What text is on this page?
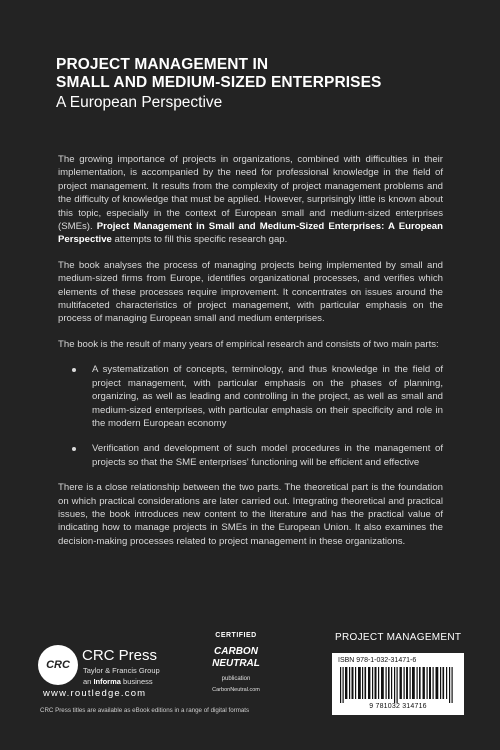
PROJECT MANAGEMENT IN
SMALL AND MEDIUM-SIZED ENTERPRISES
A European Perspective

The growing importance of projects in organizations, combined with difficulties in their implementation, is accompanied by the need for professional knowledge in the field of project management. It results from the complexity of project management problems and the difficulty of knowledge that must be applied. However, surprisingly little is known about this topic, especially in the context of European small and medium-sized enterprises (SMEs). Project Management in Small and Medium-Sized Enterprises: A European Perspective attempts to fill this specific research gap.

The book analyses the process of managing projects being implemented by small and medium-sized firms from Europe, identifies organizational processes, and verifies which elements of these processes require improvement. It concentrates on issues around the multifaceted characteristics of project management, with particular emphasis on the process of managing European small and medium enterprises.

The book is the result of many years of empirical research and consists of two main parts:

A systematization of concepts, terminology, and thus knowledge in the field of project management, with particular emphasis on the phases of planning, organizing, as well as leading and controlling in the project, as well as small and medium-sized enterprises, with particular emphasis on their specificity and role in the modern European economy
Verification and development of such model procedures in the management of projects so that the SME enterprises’ functioning will be efficient and effective

There is a close relationship between the two parts. The theoretical part is the foundation on which practical considerations are later carried out. Integrating theoretical and practical issues, the book introduces new content to the literature and has the practical value of indicating how to manage projects in SMEs in the European Union. It also examines the decision-making processes related to project management in these organizations.

CRC
CRC Press
Taylor & Francis Group
an Informa business
www.routledge.com
CRC Press titles are available as eBook editions in a range of digital formats
CERTIFIED
CARBON
NEUTRAL
publication
CarbonNeutral.com
PROJECT MANAGEMENT
ISBN 978-1-032-31471-6
9 781032 314716
